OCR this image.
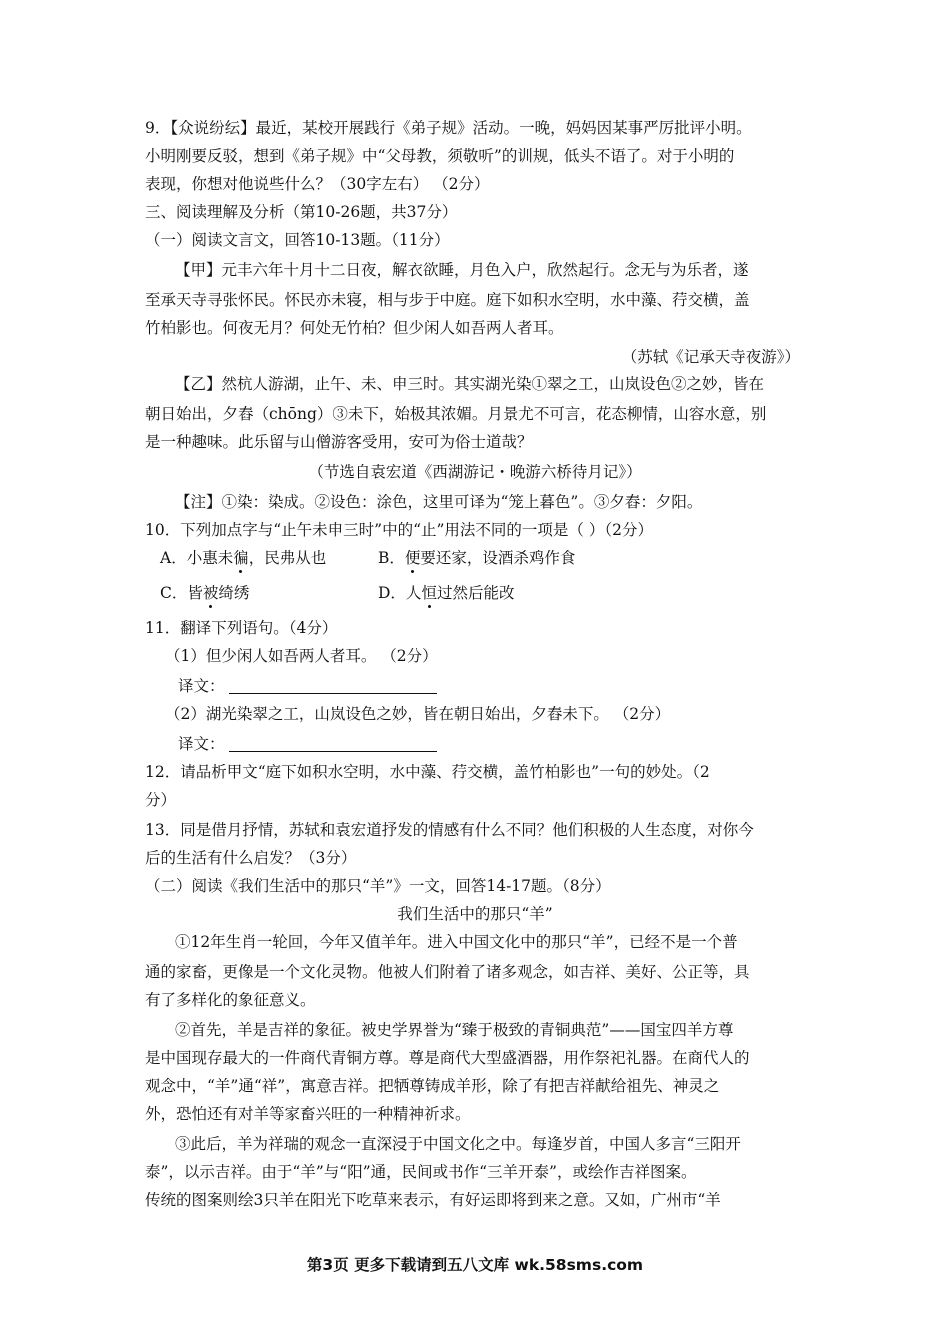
9．【众说纷纭】最近，某校开展践行《弟子规》活动。一晚，妈妈因某事严厉批评小明。
小明刚要反驳，想到《弟子规》中“父母教，须敬听”的训规，低头不语了。对于小明的
表现，你想对他说些什么？（30字左右） （2分）
三、阅读理解及分析（第10-26题，共37分）
（一）阅读文言文，回答10-13题。（11分）
【甲】元丰六年十月十二日夜，解衣欲睡，月色入户，欣然起行。念无与为乐者，遂
至承天寺寻张怀民。怀民亦未寝，相与步于中庭。庭下如积水空明，水中藻、荇交横，盖
竹柏影也。何夜无月？何处无竹柏？但少闲人如吾两人者耳。
（苏轼《记承天寺夜游》）
【乙】然杭人游湖，止午、未、申三时。其实湖光染①翠之工，山岚设色②之妙，皆在
朝日始出，夕舂（chōng）③未下，始极其浓媚。月景尤不可言，花态柳情，山容水意，别
是一种趣味。此乐留与山僧游客受用，安可为俗士道哉？
（节选自袁宏道《西湖游记・晚游六桥待月记》）
【注】①染：染成。②设色：涂色，这里可译为“笼上暮色”。③夕舂：夕阳。
10．下列加点字与“止午未申三时”中的“止”用法不同的一项是（ ）（2分）
A．小惠未徧，民弗从也	B．便要还家，设酒杀鸡作食
C．皆被绮绣	D．人恒过然后能改
11．翻译下列语句。（4分）
（1）但少闲人如吾两人者耳。 （2分）
译文：
（2）湖光染翠之工，山岚设色之妙，皆在朝日始出，夕舂未下。 （2分）
译文：
12．请品析甲文“庭下如积水空明，水中藻、荇交横，盖竹柏影也”一句的妙处。（2
分）
13．同是借月抒情，苏轼和袁宏道抒发的情感有什么不同？他们积极的人生态度，对你今
后的生活有什么启发？（3分）
（二）阅读《我们生活中的那只“羊”》一文，回答14-17题。（8分）
我们生活中的那只“羊”
①12年生肖一轮回，今年又值羊年。进入中国文化中的那只“羊”，已经不是一个普
通的家畜，更像是一个文化灵物。他被人们附着了诸多观念，如吉祥、美好、公正等，具
有了多样化的象征意义。
②首先，羊是吉祥的象征。被史学界誉为“臻于极致的青铜典范”——国宝四羊方尊
是中国现存最大的一件商代青铜方尊。尊是商代大型盛酒器，用作祭祀礼器。在商代人的
观念中，“羊”通“祥”，寓意吉祥。把牺尊铸成羊形，除了有把吉祥献给祖先、神灵之
外，恐怕还有对羊等家畜兴旺的一种精神祈求。
③此后，羊为祥瑞的观念一直深浸于中国文化之中。每逢岁首，中国人多言“三阳开
泰”，以示吉祥。由于“羊”与“阳”通，民间或书作“三羊开泰”，或绘作吉祥图案。
传统的图案则绘3只羊在阳光下吃草来表示，有好运即将到来之意。又如，广州市“羊
第3页 更多下载请到五八文库 wk.58sms.com
